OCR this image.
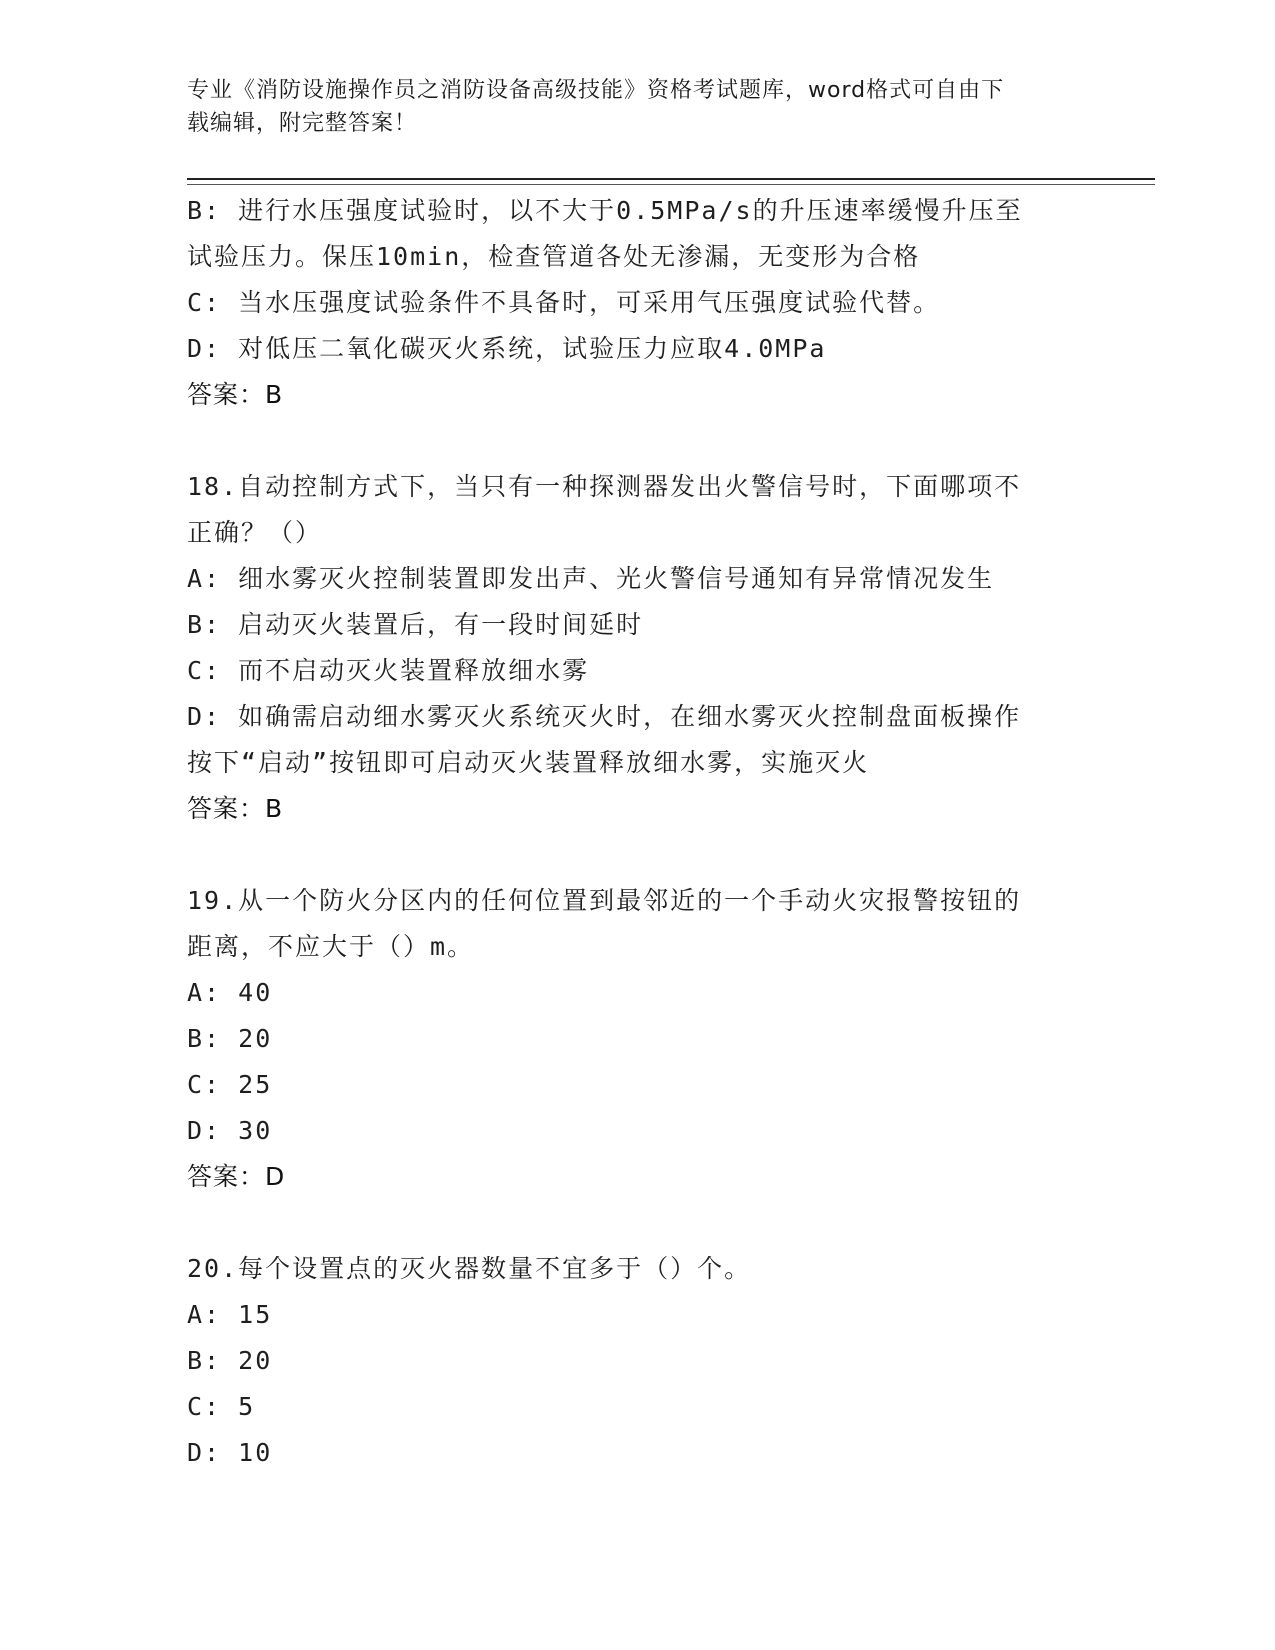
专业《消防设施操作员之消防设备高级技能》资格考试题库，word格式可自由下
载编辑，附完整答案！
B: 进行水压强度试验时，以不大于0.5MPa/s的升压速率缓慢升压至
试验压力。保压10min，检查管道各处无渗漏，无变形为合格
C: 当水压强度试验条件不具备时，可采用气压强度试验代替。
D: 对低压二氧化碳灭火系统，试验压力应取4.0MPa
答案：B
18.自动控制方式下，当只有一种探测器发出火警信号时，下面哪项不
正确？（）
A: 细水雾灭火控制装置即发出声、光火警信号通知有异常情况发生
B: 启动灭火装置后，有一段时间延时
C: 而不启动灭火装置释放细水雾
D: 如确需启动细水雾灭火系统灭火时，在细水雾灭火控制盘面板操作
按下“启动”按钮即可启动灭火装置释放细水雾，实施灭火
答案：B
19.从一个防火分区内的任何位置到最邻近的一个手动火灾报警按钮的
距离，不应大于（）m。
A: 40
B: 20
C: 25
D: 30
答案：D
20.每个设置点的灭火器数量不宜多于（）个。
A: 15
B: 20
C: 5
D: 10
